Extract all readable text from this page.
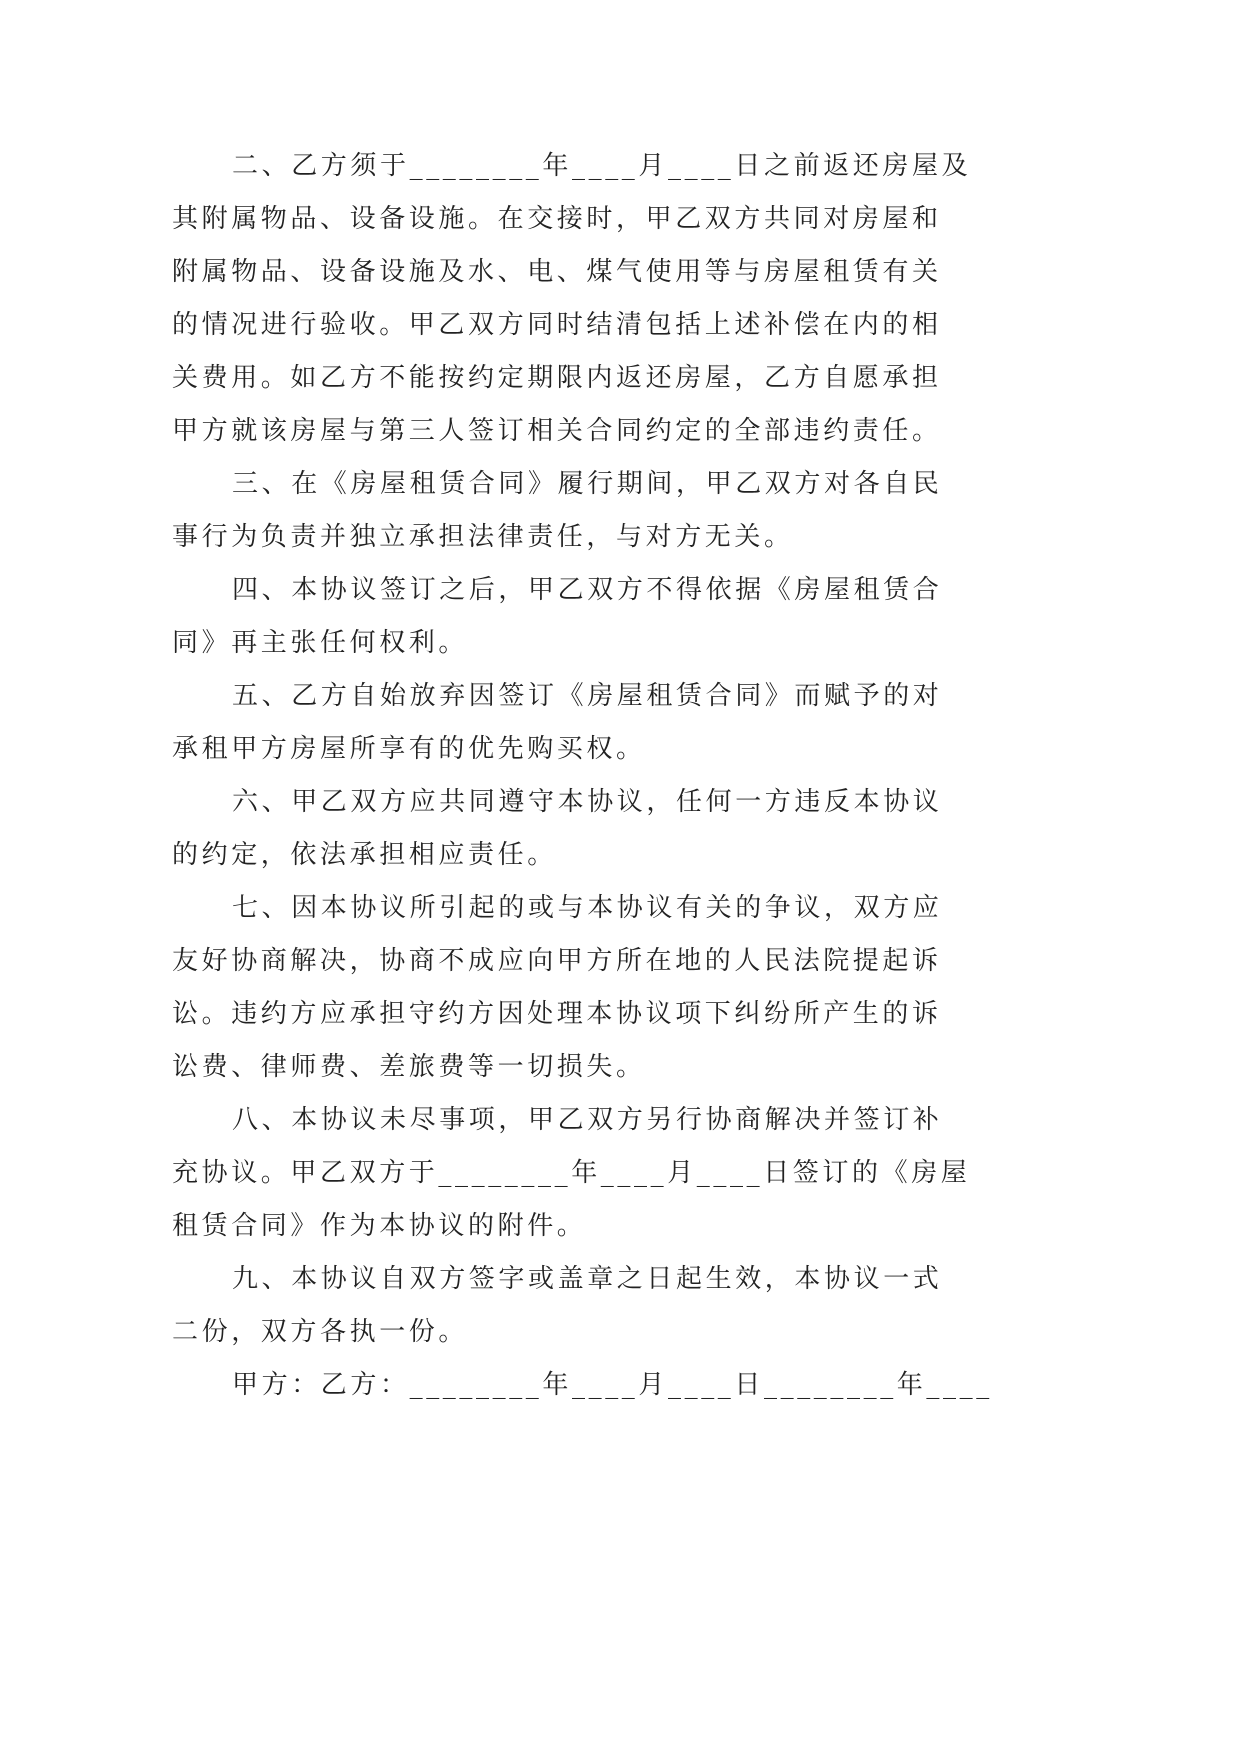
二、乙方须于________年____月____日之前返还房屋及
其附属物品、设备设施。在交接时，甲乙双方共同对房屋和
附属物品、设备设施及水、电、煤气使用等与房屋租赁有关
的情况进行验收。甲乙双方同时结清包括上述补偿在内的相
关费用。如乙方不能按约定期限内返还房屋，乙方自愿承担
甲方就该房屋与第三人签订相关合同约定的全部违约责任。
三、在《房屋租赁合同》履行期间，甲乙双方对各自民
事行为负责并独立承担法律责任，与对方无关。
四、本协议签订之后，甲乙双方不得依据《房屋租赁合
同》再主张任何权利。
五、乙方自始放弃因签订《房屋租赁合同》而赋予的对
承租甲方房屋所享有的优先购买权。
六、甲乙双方应共同遵守本协议，任何一方违反本协议
的约定，依法承担相应责任。
七、因本协议所引起的或与本协议有关的争议，双方应
友好协商解决，协商不成应向甲方所在地的人民法院提起诉
讼。违约方应承担守约方因处理本协议项下纠纷所产生的诉
讼费、律师费、差旅费等一切损失。
八、本协议未尽事项，甲乙双方另行协商解决并签订补
充协议。甲乙双方于________年____月____日签订的《房屋
租赁合同》作为本协议的附件。
九、本协议自双方签字或盖章之日起生效，本协议一式
二份，双方各执一份。
甲方：乙方：________年____月____日________年____
